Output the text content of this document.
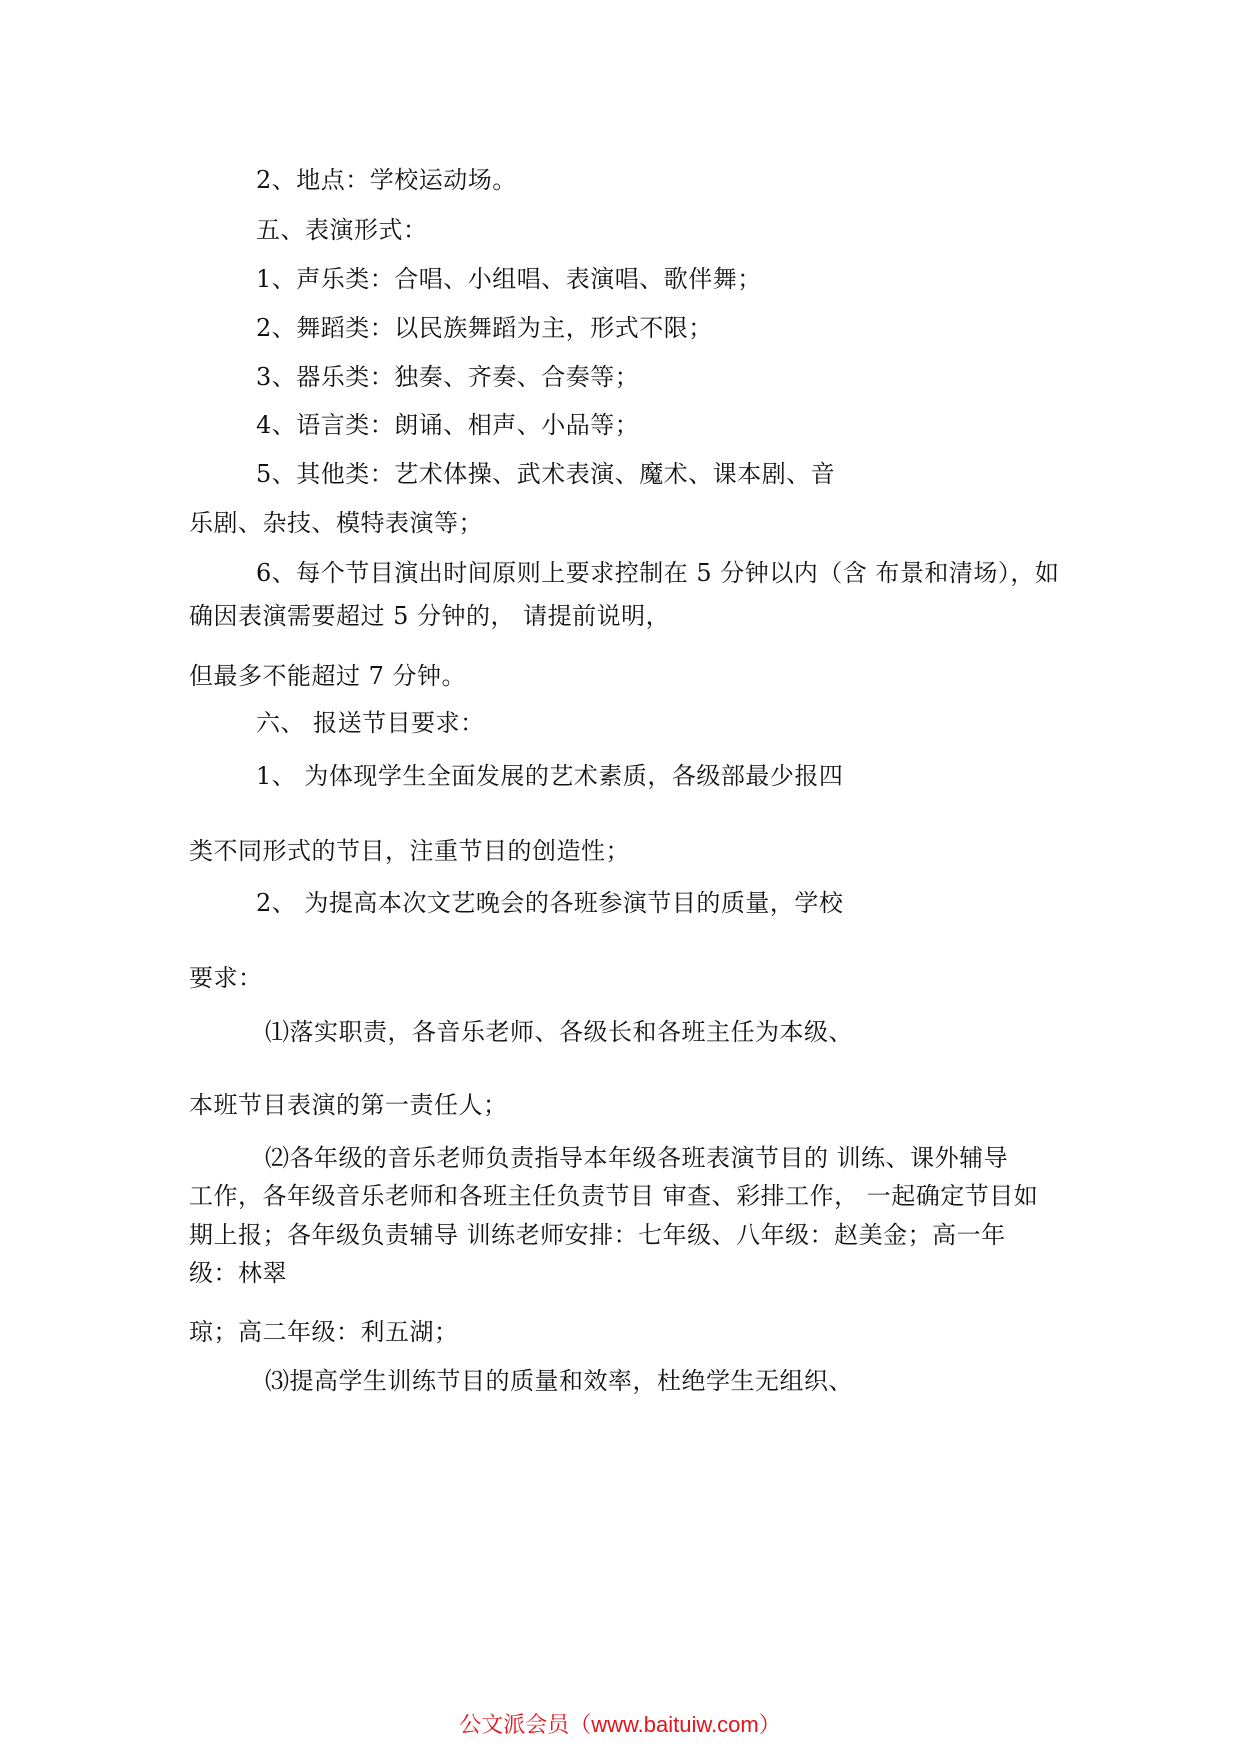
2、地点：学校运动场。
五、表演形式：
1、声乐类：合唱、小组唱、表演唱、歌伴舞；
2、舞蹈类：以民族舞蹈为主，形式不限；
3、器乐类：独奏、齐奏、合奏等；
4、语言类：朗诵、相声、小品等；
5、其他类：艺术体操、武术表演、魔术、课本剧、音
乐剧、杂技、模特表演等；
6、每个节目演出时间原则上要求控制在 5 分钟以内（含 布景和清场），如
确因表演需要超过 5 分钟的， 请提前说明，
但最多不能超过 7 分钟。
六、 报送节目要求：
1、 为体现学生全面发展的艺术素质，各级部最少报四
类不同形式的节目，注重节目的创造性；
2、 为提高本次文艺晚会的各班参演节目的质量，学校
要求：
⑴落实职责，各音乐老师、各级长和各班主任为本级、
本班节目表演的第一责任人；
⑵各年级的音乐老师负责指导本年级各班表演节目的 训练、课外辅导
工作，各年级音乐老师和各班主任负责节目 审查、彩排工作， 一起确定节目如
期上报；各年级负责辅导 训练老师安排：七年级、八年级：赵美金；高一年
级：林翠
琼；高二年级：利五湖；
⑶提高学生训练节目的质量和效率，杜绝学生无组织、
公文派会员（www.baituiw.com）
